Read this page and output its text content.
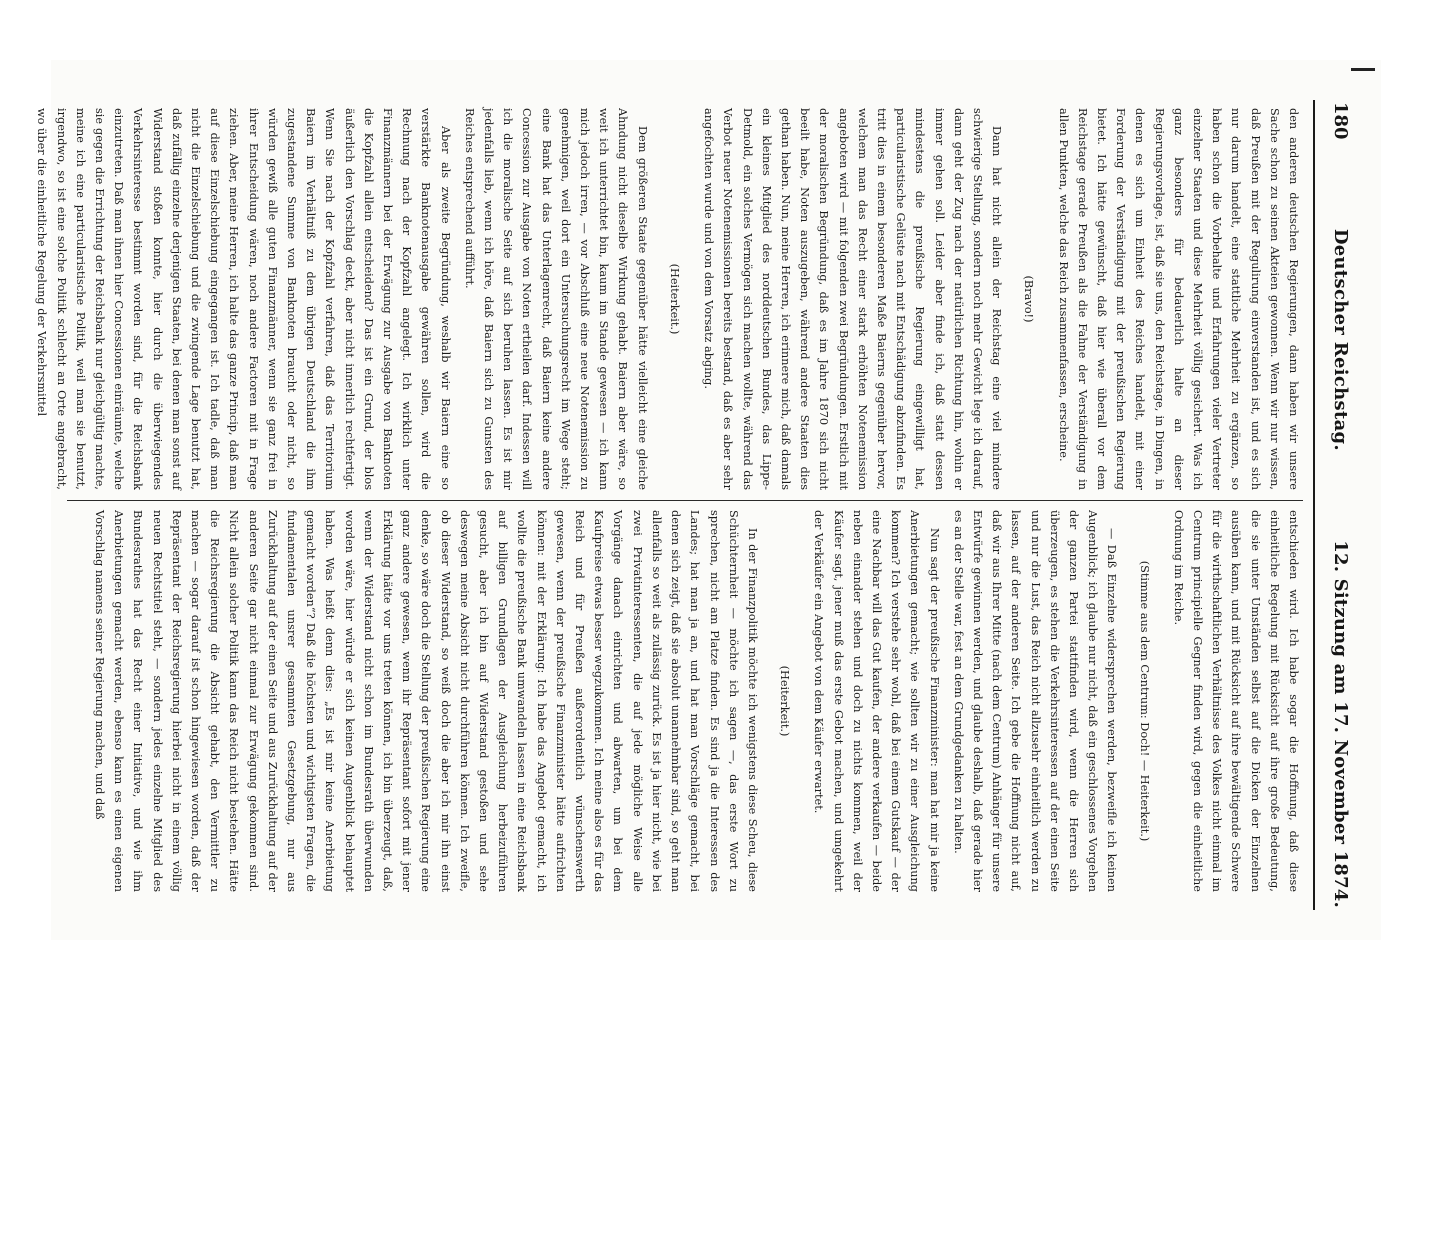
180
Deutscher Reichstag.
12. Sitzung am 17. November 1874.

den anderen deutschen Regierungen, dann haben wir unsere Sache schon zu seinen Akteien gewonnen. Wenn wir nur wissen, daß Preußen mit der Regulirung einverstanden ist, und es sich nur darum handelt, eine stattliche Mehrheit zu ergänzen, so haben schon die Vorbehalte und Erfahrungen vieler Vertreter einzelner Staaten und diese Mehrheit völlig gesichert. Was ich ganz besonders für bedauerlich halte an dieser Regierungsvorlage, ist, daß sie uns, den Reichstage, in Dingen, in denen es sich um Einheit des Reiches handelt, mit einer Forderung der Verständigung mit der preußischen Regierung bietet. Ich hätte gewünscht, daß hier wie überall vor dem Reichstage gerade Preußen als die Fahne der Verständigung in allen Punkten, welche das Reich zusammenfassen, erscheine.

(Bravo!)

Dann hat nicht allein der Reichstag eine viel mindere schwierige Stellung, sondern noch mehr Gewicht lege ich darauf, dann geht der Zug nach der natürlichen Richtung hin, wohin er immer gehen soll. Leider aber finde ich, daß statt dessen mindestens die preußische Regierung eingewilligt hat, particularistische Gelüste nach mit Entschädigung abzufinden. Es tritt dies in einem besonderen Maße Baierns gegenüber hervor, welchem man das Recht einer stark erhöhten Notenemission angeboten wird — mit folgenden zwei Begründungen. Erstlich mit der moralischen Begründung, daß es im Jahre 1870 sich nicht beeilt habe, Noten auszugeben, während andere Staaten dies gethan haben. Nun, meine Herren, ich erinnere mich, daß damals ein kleines Mitglied des norddeutschen Bundes, das Lippe-Detmold, ein solches Vermögen sich machen wollte, während das Verbot neuer Notenemissionen bereits bestand, daß es aber sehr angefochten wurde und von dem Vorsatz abging.

(Heiterkeit.)

Dem größeren Staate gegenüber hätte vielleicht eine gleiche Ahndung nicht dieselbe Wirkung gehabt. Baiern aber wäre, so weit ich unterrichtet bin, kaum im Stande gewesen — ich kann mich jedoch irren, — vor Abschluß eine neue Notenemission zu genehmigen, weil dort ein Untersuchungsrecht im Wege steht; eine Bank hat das Unterlagenrecht, daß Baiern keine andere Concession zur Ausgabe von Noten ertheilen darf. Indessen will ich die moralische Seite auf sich beruhen lassen. Es ist mir jedenfalls lieb, wenn ich höre, daß Baiern sich zu Gunsten des Reiches entsprechend aufführt.

Aber als zweite Begründung, weshalb wir Baiern eine so verstärkte Banknotenausgabe gewähren sollen, wird die Rechnung nach der Kopfzahl angelegt. Ich wirklich unter Finanzmännern bei der Erwägung zur Ausgabe von Banknoten die Kopfzahl allein entscheidend? Das ist ein Grund, der blos äußerlich den Vorschlag deckt, aber nicht innerlich rechtfertigt. Wenn Sie nach der Kopfzahl verfahren, daß das Territorium Baiern im Verhältniß zu dem übrigen Deutschland die ihm zugestandene Summe von Banknoten braucht oder nicht, so würden gewiß alle guten Finanzmänner, wenn sie ganz frei in ihrer Entscheidung wären, noch andere Factoren mit in Frage ziehen. Aber, meine Herren, ich halte das ganze Princip, daß man auf diese Einzelschiebung eingegangen ist. Ich tadle, daß man nicht die Einzelschiebung und die zwingende Lage benutzt hat, daß zufällig einzelne derjenigen Staaten, bei denen man sonst auf Widerstand stoßen konnte, hier durch die überwiegendes Verkehrsinteresse bestimmt worden sind, für die Reichsbank einzutreten. Daß man ihnen hier Concessionen einräumte, welche sie gegen die Errichtung der Reichsbank nur gleichgültig machte, meine ich eine particularistische Politik, weil man sie benutzt, irgendwo, so ist eine solche Politik schlecht an Orte angebracht, wo über die einheitliche Regelung der Verkehrsmittel

entschieden wird. Ich habe sogar die Hoffnung, daß diese einheitliche Regelung mit Rücksicht auf ihre große Bedeutung, die sie unter Umständen selbst auf die Dicken der Einzelnen ausüben kann, und mit Rücksicht auf ihre bewältigende Schwere für die wirthschaftlichen Verhältnisse des Volkes nicht einmal im Centrum principielle Gegner finden wird, gegen die einheitliche Ordnung im Reiche.

(Stimme aus dem Centrum: Doch! — Heiterkeit.)

— Daß Einzelne widersprechen werden, bezweifle ich keinen Augenblick; ich glaube nur nicht, daß ein geschlossenes Vorgehen der ganzen Partei stattfinden wird, wenn die Herren sich überzeugen, es stehen die Verkehrsinteressen auf der einen Seite und nur die Lust, das Reich nicht allzusehr einheitlich werden zu lassen, auf der anderen Seite. Ich gebe die Hoffnung nicht auf, daß wir aus Ihrer Mitte (nach dem Centrum) Anhänger für unsere Entwürfe gewinnen werden, und glaube deshalb, daß gerade hier es an der Stelle war, fest an dem Grundgedanken zu halten.

Nun sagt der preußische Finanzminister: man hat mir ja keine Anerbietungen gemacht; wie sollten wir zu einer Ausgleichung kommen? Ich verstehe sehr wohl, daß bei einem Gutskauf — der eine Nachbar will das Gut kaufen, der andere verkaufen — beide neben einander stehen und doch zu nichts kommen, weil der Käufer sagt, jener muß das erste Gebot machen, und umgekehrt der Verkäufer ein Angebot von dem Käufer erwartet.

(Heiterkeit.)

In der Finanzpolitik möchte ich wenigstens diese Scheu, diese Schüchternheit — möchte ich sagen —, das erste Wort zu sprechen, nicht am Platze finden. Es sind ja die Interessen des Landes; hat man ja an, und hat man Vorschläge gemacht, bei denen sich zeigt, daß sie absolut unannehmbar sind, so geht man allenfalls so weit als zulässig zurück. Es ist ja hier nicht, wie bei zwei Privatinteressenten, die auf jede mögliche Weise alle Vorgänge danach einrichten und abwarten, um bei dem Kaufpreise etwas besser wegzukommen. Ich meine also es für das Reich und für Preußen außerordentlich wünschenswerth gewesen, wenn der preußische Finanzminister hätte aufrichten können: mit der Erklärung: Ich habe das Angebot gemacht, ich wollte die preußische Bank umwandeln lassen in eine Reichsbank auf billigen Grundlagen der Ausgleichung herbeizuführen gesucht, aber ich bin auf Widerstand gestoßen und sehe deswegen meine Absicht nicht durchführen können. Ich zweifle, ob dieser Widerstand, so weiß doch die aber ich mir ihn einst denke, so wäre doch die Stellung der preußischen Regierung eine ganz andere gewesen, wenn ihr Repräsentant sofort mit jener Erklärung hätte vor uns treten können, ich bin überzeugt, daß, wenn der Widerstand nicht schon im Bundesrath überwunden worden wäre, hier würde er sich keinen Augenblick behauptet haben. Was heißt denn dies: „Es ist mir keine Anerbietung gemacht worden“? Daß die höchsten und wichtigsten Fragen, die fundamentalen unsrer gesammten Gesetzgebung, nur aus Zurückhaltung auf der einen Seite und aus Zurückhaltung auf der anderen Seite gar nicht einmal zur Erwägung gekommen sind. Nicht allein solcher Politik kann das Reich nicht bestehen. Hätte die Reichsregierung die Absicht gehabt, den Vermittler zu machen — sogar darauf ist schon hingewiesen worden, daß der Repräsentant der Reichsregierung hierbei nicht in einem völlig neuen Rechtstitel steht, — sondern jedes einzelne Mitglied des Bundesrathes hat das Recht einer Initiative, und wie ihm Anerbietungen gemacht werden, ebenso kann es einen eigenen Vorschlag namens seiner Regierung machen, und daß
